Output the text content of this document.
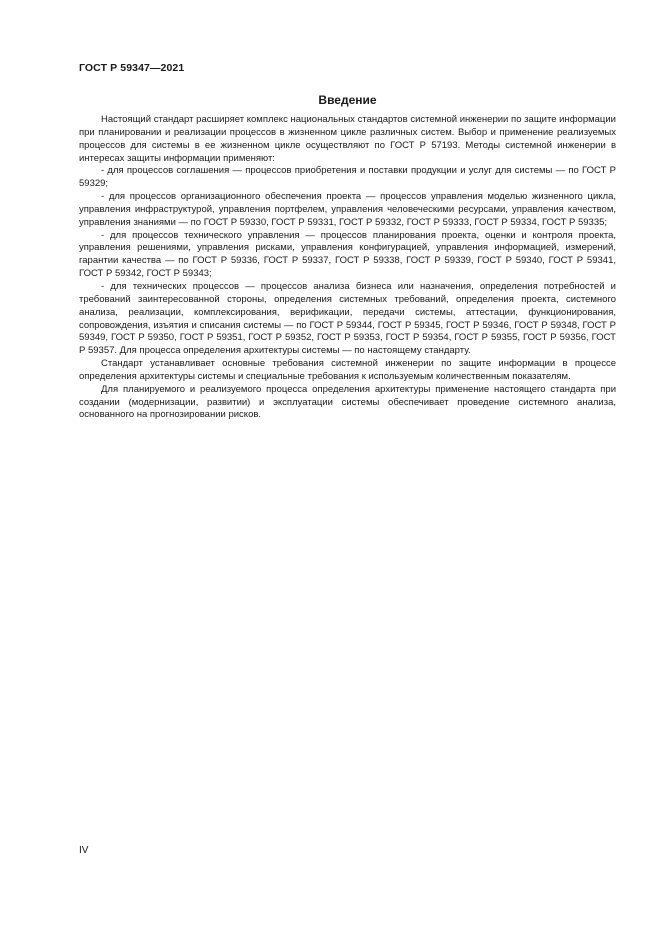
ГОСТ Р 59347—2021
Введение

Настоящий стандарт расширяет комплекс национальных стандартов системной инженерии по защите информации при планировании и реализации процессов в жизненном цикле различных систем. Выбор и применение реализуемых процессов для системы в ее жизненном цикле осуществляют по ГОСТ Р 57193. Методы системной инженерии в интересах защиты информации применяют:

- для процессов соглашения — процессов приобретения и поставки продукции и услуг для системы — по ГОСТ Р 59329;

- для процессов организационного обеспечения проекта — процессов управления моделью жизненного цикла, управления инфраструктурой, управления портфелем, управления человеческими ресурсами, управления качеством, управления знаниями — по ГОСТ Р 59330, ГОСТ Р 59331, ГОСТ Р 59332, ГОСТ Р 59333, ГОСТ Р 59334, ГОСТ Р 59335;

- для процессов технического управления — процессов планирования проекта, оценки и контроля проекта, управления решениями, управления рисками, управления конфигурацией, управления информацией, измерений, гарантии качества — по ГОСТ Р 59336, ГОСТ Р 59337, ГОСТ Р 59338, ГОСТ Р 59339, ГОСТ Р 59340, ГОСТ Р 59341, ГОСТ Р 59342, ГОСТ Р 59343;

- для технических процессов — процессов анализа бизнеса или назначения, определения потребностей и требований заинтересованной стороны, определения системных требований, определения проекта, системного анализа, реализации, комплексирования, верификации, передачи системы, аттестации, функционирования, сопровождения, изъятия и списания системы — по ГОСТ Р 59344, ГОСТ Р 59345, ГОСТ Р 59346, ГОСТ Р 59348, ГОСТ Р 59349, ГОСТ Р 59350, ГОСТ Р 59351, ГОСТ Р 59352, ГОСТ Р 59353, ГОСТ Р 59354, ГОСТ Р 59355, ГОСТ Р 59356, ГОСТ Р 59357. Для процесса определения архитектуры системы — по настоящему стандарту.

Стандарт устанавливает основные требования системной инженерии по защите информации в процессе определения архитектуры системы и специальные требования к используемым количественным показателям.

Для планируемого и реализуемого процесса определения архитектуры применение настоящего стандарта при создании (модернизации, развитии) и эксплуатации системы обеспечивает проведение системного анализа, основанного на прогнозировании рисков.

IV
